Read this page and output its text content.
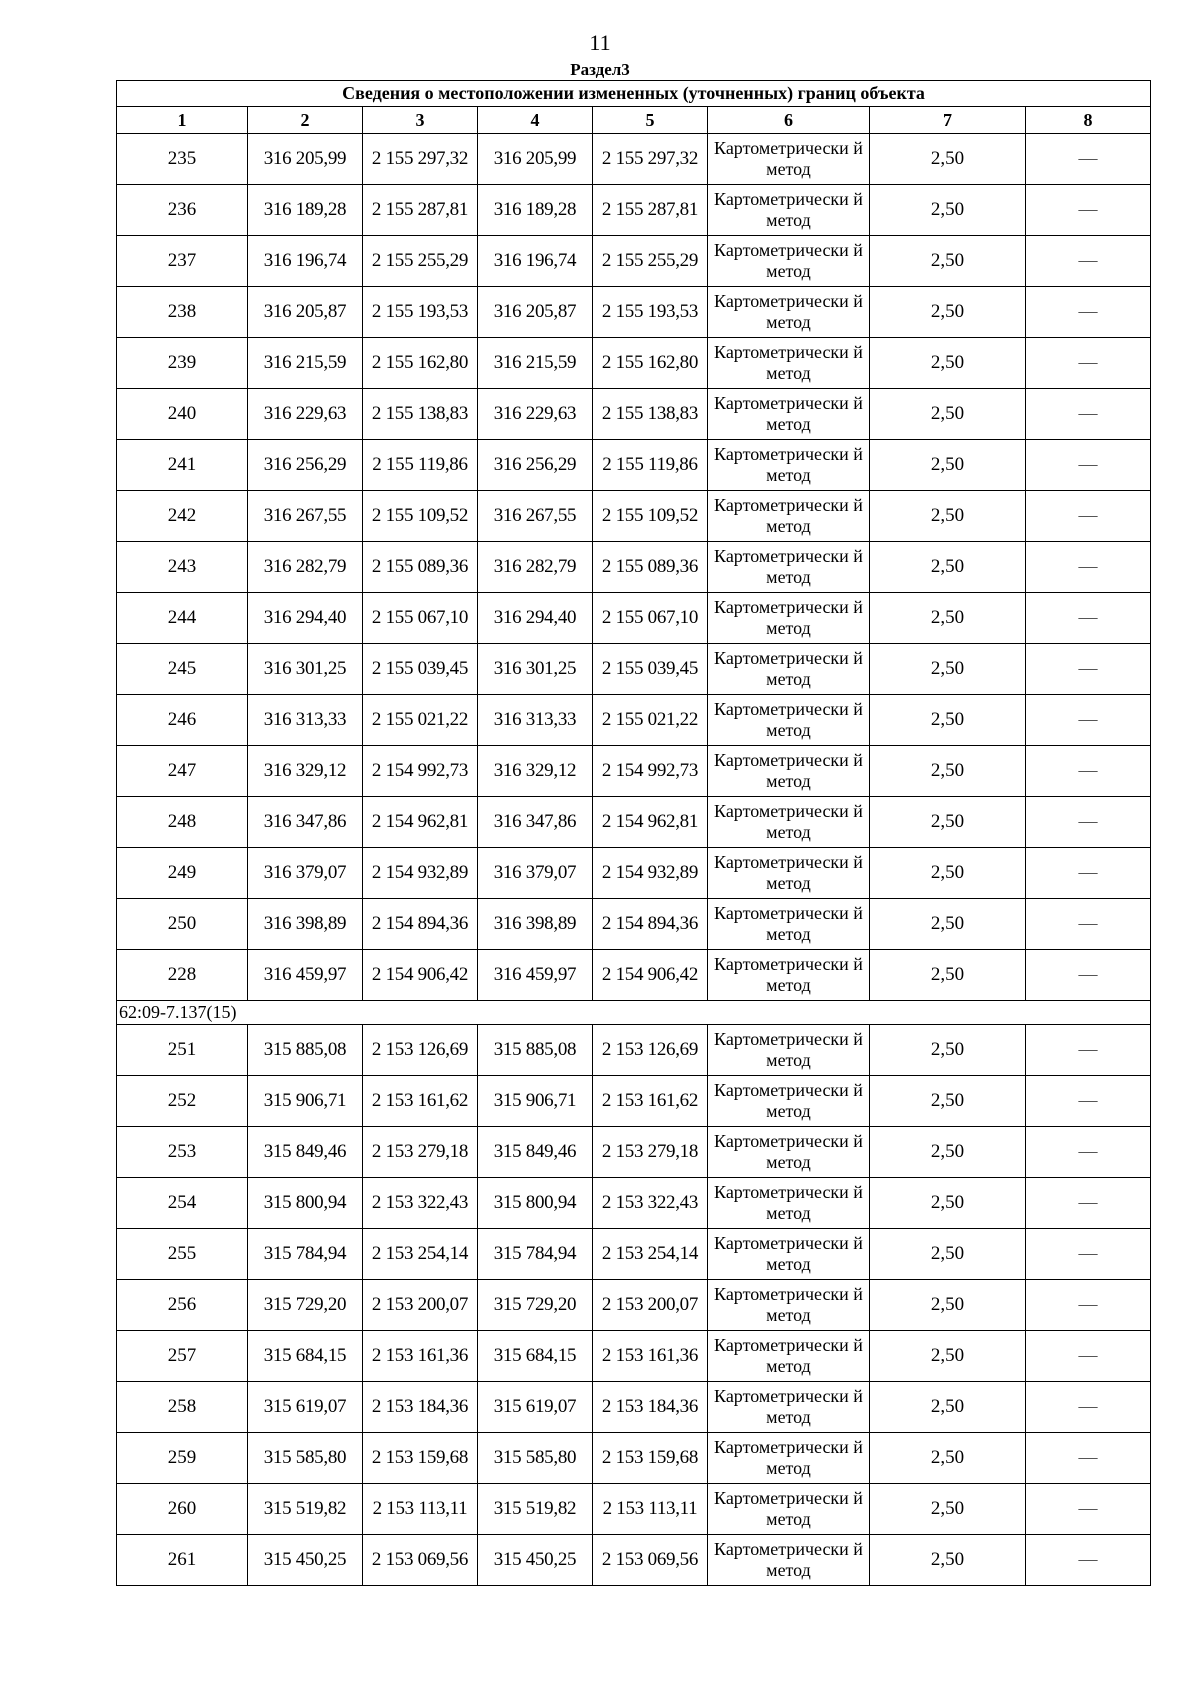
11
Раздел3
Сведения о местоположении измененных (уточненных) границ объекта							
1	2	3	4	5	6	7	8
235	316 205,99	2 155 297,32	316 205,99	2 155 297,32	Картометрически й метод	2,50	—
236	316 189,28	2 155 287,81	316 189,28	2 155 287,81	Картометрически й метод	2,50	—
237	316 196,74	2 155 255,29	316 196,74	2 155 255,29	Картометрически й метод	2,50	—
238	316 205,87	2 155 193,53	316 205,87	2 155 193,53	Картометрически й метод	2,50	—
239	316 215,59	2 155 162,80	316 215,59	2 155 162,80	Картометрически й метод	2,50	—
240	316 229,63	2 155 138,83	316 229,63	2 155 138,83	Картометрически й метод	2,50	—
241	316 256,29	2 155 119,86	316 256,29	2 155 119,86	Картометрически й метод	2,50	—
242	316 267,55	2 155 109,52	316 267,55	2 155 109,52	Картометрически й метод	2,50	—
243	316 282,79	2 155 089,36	316 282,79	2 155 089,36	Картометрически й метод	2,50	—
244	316 294,40	2 155 067,10	316 294,40	2 155 067,10	Картометрически й метод	2,50	—
245	316 301,25	2 155 039,45	316 301,25	2 155 039,45	Картометрически й метод	2,50	—
246	316 313,33	2 155 021,22	316 313,33	2 155 021,22	Картометрически й метод	2,50	—
247	316 329,12	2 154 992,73	316 329,12	2 154 992,73	Картометрически й метод	2,50	—
248	316 347,86	2 154 962,81	316 347,86	2 154 962,81	Картометрически й метод	2,50	—
249	316 379,07	2 154 932,89	316 379,07	2 154 932,89	Картометрически й метод	2,50	—
250	316 398,89	2 154 894,36	316 398,89	2 154 894,36	Картометрически й метод	2,50	—
228	316 459,97	2 154 906,42	316 459,97	2 154 906,42	Картометрически й метод	2,50	—
62:09-7.137(15)							
251	315 885,08	2 153 126,69	315 885,08	2 153 126,69	Картометрически й метод	2,50	—
252	315 906,71	2 153 161,62	315 906,71	2 153 161,62	Картометрически й метод	2,50	—
253	315 849,46	2 153 279,18	315 849,46	2 153 279,18	Картометрически й метод	2,50	—
254	315 800,94	2 153 322,43	315 800,94	2 153 322,43	Картометрически й метод	2,50	—
255	315 784,94	2 153 254,14	315 784,94	2 153 254,14	Картометрически й метод	2,50	—
256	315 729,20	2 153 200,07	315 729,20	2 153 200,07	Картометрически й метод	2,50	—
257	315 684,15	2 153 161,36	315 684,15	2 153 161,36	Картометрически й метод	2,50	—
258	315 619,07	2 153 184,36	315 619,07	2 153 184,36	Картометрически й метод	2,50	—
259	315 585,80	2 153 159,68	315 585,80	2 153 159,68	Картометрически й метод	2,50	—
260	315 519,82	2 153 113,11	315 519,82	2 153 113,11	Картометрически й метод	2,50	—
261	315 450,25	2 153 069,56	315 450,25	2 153 069,56	Картометрически й метод	2,50	—
